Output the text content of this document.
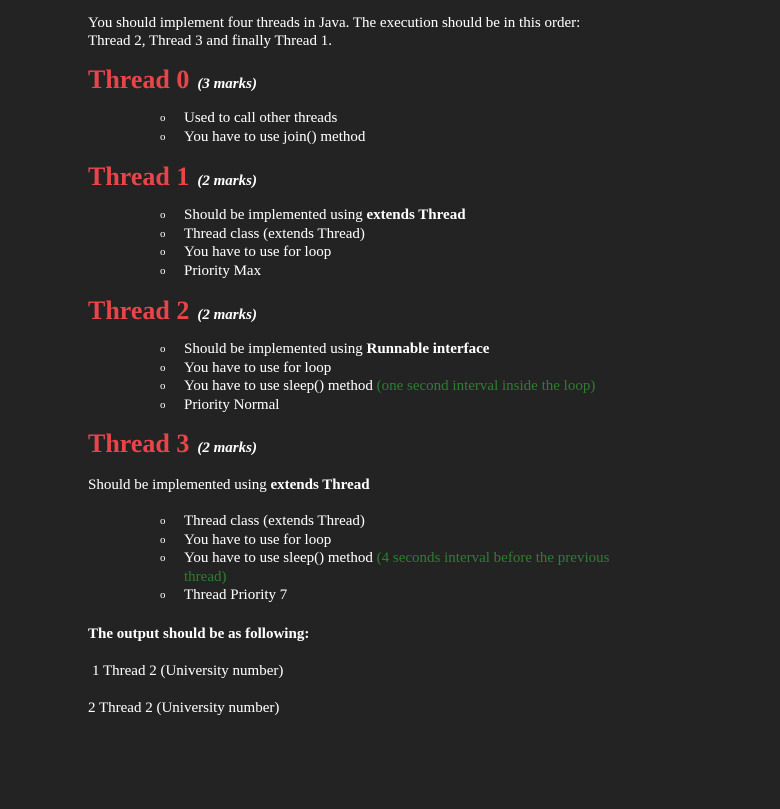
You should implement four threads in Java. The execution should be in this order:
Thread 2, Thread 3 and finally Thread 1.

Thread 0 (3 marks)
o Used to call other threads
o You have to use join() method
Thread 1 (2 marks)
o Should be implemented using extends Thread
o Thread class (extends Thread)
o You have to use for loop
o Priority Max
Thread 2 (2 marks)
o Should be implemented using Runnable interface
o You have to use for loop
o You have to use sleep() method (one second interval inside the loop)
o Priority Normal
Thread 3 (2 marks)

Should be implemented using extends Thread

o Thread class (extends Thread)
o You have to use for loop
o You have to use sleep() method (4 seconds interval before the previous
thread)
o Thread Priority 7

The output should be as following:

1 Thread 2 (University number)

2 Thread 2 (University number)
